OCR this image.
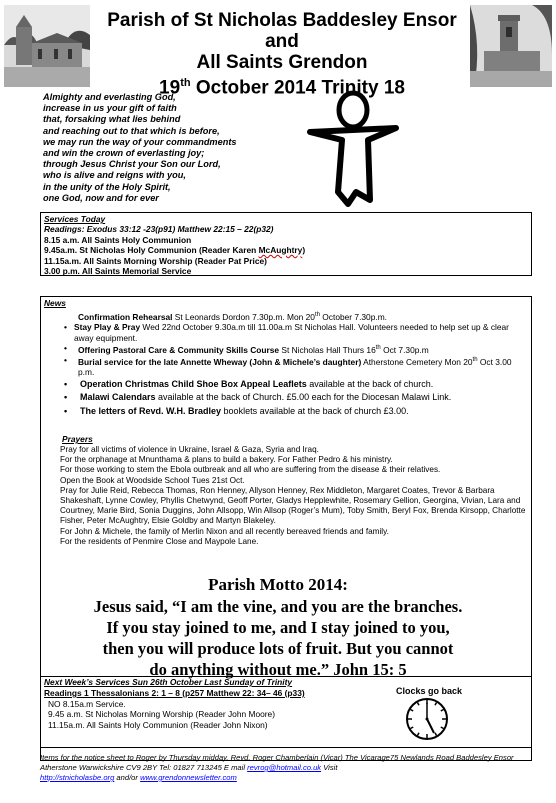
Parish of St Nicholas Baddesley Ensor and
All Saints Grendon
19th October 2014 Trinity 18
Almighty and everlasting God,
increase in us your gift of faith
that, forsaking what lies behind
and reaching out to that which is before,
we may run the way of your commandments
and win the crown of everlasting joy;
through Jesus Christ your Son our Lord,
who is alive and reigns with you,
in the unity of the Holy Spirit,
one God, now and for ever
Services Today
Readings: Exodus 33:12 -23(p91) Matthew 22:15 – 22(p32)
8.15 a.m. All Saints Holy Communion
9.45a.m. St Nicholas Holy Communion (Reader Karen McAughtry)
11.15a.m. All Saints Morning Worship (Reader Pat Price)
3.00 p.m. All Saints Memorial Service
News
Confirmation Rehearsal St Leonards Dordon 7.30p.m. Mon 20th October 7.30p.m.
• Stay Play & Pray Wed 22nd October 9.30a.m till 11.00a.m St Nicholas Hall. Volunteers needed to help set up & clear away equipment.
• Offering Pastoral Care & Community Skills Course St Nicholas Hall Thurs 16th Oct 7.30p.m
• Burial service for the late Annette Wheway (John & Michele’s daughter) Atherstone Cemetery Mon 20th Oct 3.00 p.m.
• Operation Christmas Child Shoe Box Appeal Leaflets available at the back of church.
• Malawi Calendars available at the back of Church. £5.00 each for the Diocesan Malawi Link.
• The letters of Revd. W.H. Bradley booklets available at the back of church £3.00.
Prayers
Pray for all victims of violence in Ukraine, Israel & Gaza, Syria and Iraq.
For the orphanage at Mnunthama & plans to build a bakery. For Father Pedro & his ministry.
For those working to stem the Ebola outbreak and all who are suffering from the disease & their relatives.
Open the Book at Woodside School Tues 21st Oct.
Pray for Julie Reid, Rebecca Thomas, Ron Henney, Allyson Henney, Rex Middleton, Margaret Coates, Trevor & Barbara Shakeshaft, Lynne Cowley, Phyllis Chetwynd, Geoff Porter, Gladys Hepplewhite, Rosemary Gellion, Georgina, Vivian, Lara and Courtney, Marie Bird, Sonia Duggins, John Allsopp, Win Allsop (Roger’s Mum), Toby Smith, Beryl Fox, Brenda Kirsopp, Charlotte Fisher, Peter McAughtry, Elsie Goldby and Martyn Blakeley.
For John & Michele, the family of Merlin Nixon and all recently bereaved friends and family.
For the residents of Penmire Close and Maypole Lane.
Parish Motto 2014:
Jesus said, “I am the vine, and you are the branches.
If you stay joined to me, and I stay joined to you,
then you will produce lots of fruit. But you cannot
do anything without me.” John 15: 5
Next Week’s Services Sun 26th October Last Sunday of Trinity
Readings 1 Thessalonians 2: 1 – 8 (p257 Matthew 22: 34– 46 (p33)	Clocks go back
NO 8.15a.m Service.
9.45 a.m. St Nicholas Morning Worship (Reader John Moore)
11.15a.m. All Saints Holy Communion (Reader John Nixon)
Items for the notice sheet to Roger by Thursday midday. Revd. Roger Chamberlain (Vicar) The Vicarage75 Newlands Road Baddesley Ensor Atherstone Warwickshire CV9 2BY Tel: 01827 713245 E mail revrog@hotmail.co.uk Visit
http://stnicholasbe.org and/or www.grendonnewsletter.com
